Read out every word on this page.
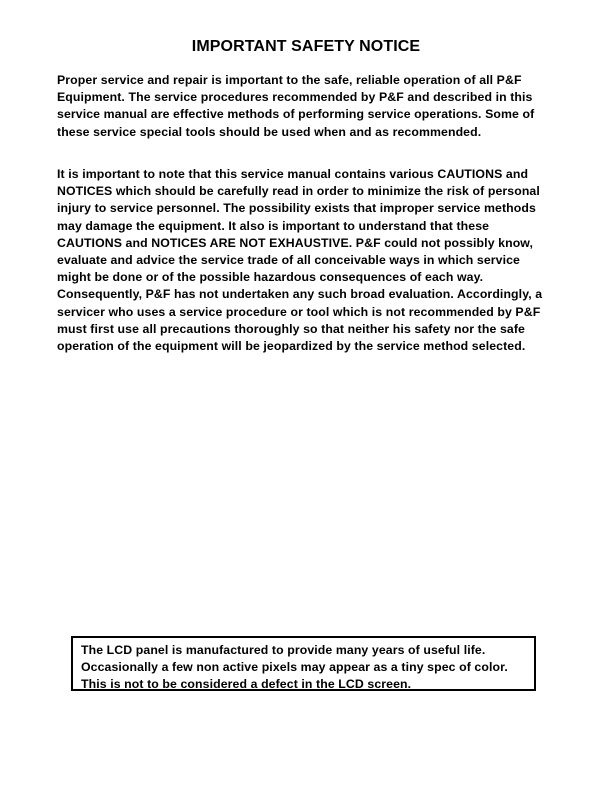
IMPORTANT SAFETY NOTICE

Proper service and repair is important to the safe, reliable operation of all P&F Equipment. The service procedures recommended by P&F and described in this service manual are effective methods of performing service operations. Some of these service special tools should be used when and as recommended.

It is important to note that this service manual contains various CAUTIONS and NOTICES which should be carefully read in order to minimize the risk of personal injury to service personnel. The possibility exists that improper service methods may damage the equipment. It also is important to understand that these CAUTIONS and NOTICES ARE NOT EXHAUSTIVE. P&F could not possibly know, evaluate and advice the service trade of all conceivable ways in which service might be done or of the possible hazardous consequences of each way. Consequently, P&F has not undertaken any such broad evaluation. Accordingly, a servicer who uses a service procedure or tool which is not recommended by P&F must first use all precautions thoroughly so that neither his safety nor the safe operation of the equipment will be jeopardized by the service method selected.

The LCD panel is manufactured to provide many years of useful life.
Occasionally a few non active pixels may appear as a tiny spec of color.
This is not to be considered a defect in the LCD screen.
